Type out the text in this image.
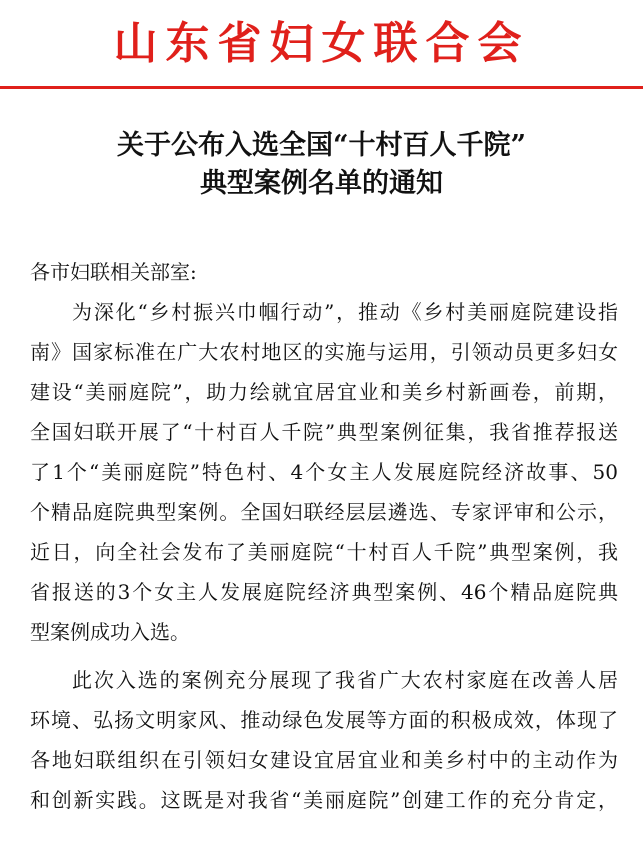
山东省妇女联合会
关于公布入选全国“十村百人千院”
典型案例名单的通知
各市妇联相关部室:
为深化“乡村振兴巾帼行动”，推动《乡村美丽庭院建设指
南》国家标准在广大农村地区的实施与运用，引领动员更多妇女
建设“美丽庭院”，助力绘就宜居宜业和美乡村新画卷，前期，
全国妇联开展了“十村百人千院”典型案例征集，我省推荐报送
了1个“美丽庭院”特色村、4个女主人发展庭院经济故事、50
个精品庭院典型案例。全国妇联经层层遴选、专家评审和公示，
近日，向全社会发布了美丽庭院“十村百人千院”典型案例，我
省报送的3个女主人发展庭院经济典型案例、46个精品庭院典
型案例成功入选。
此次入选的案例充分展现了我省广大农村家庭在改善人居
环境、弘扬文明家风、推动绿色发展等方面的积极成效，体现了
各地妇联组织在引领妇女建设宜居宜业和美乡村中的主动作为
和创新实践。这既是对我省“美丽庭院”创建工作的充分肯定，
